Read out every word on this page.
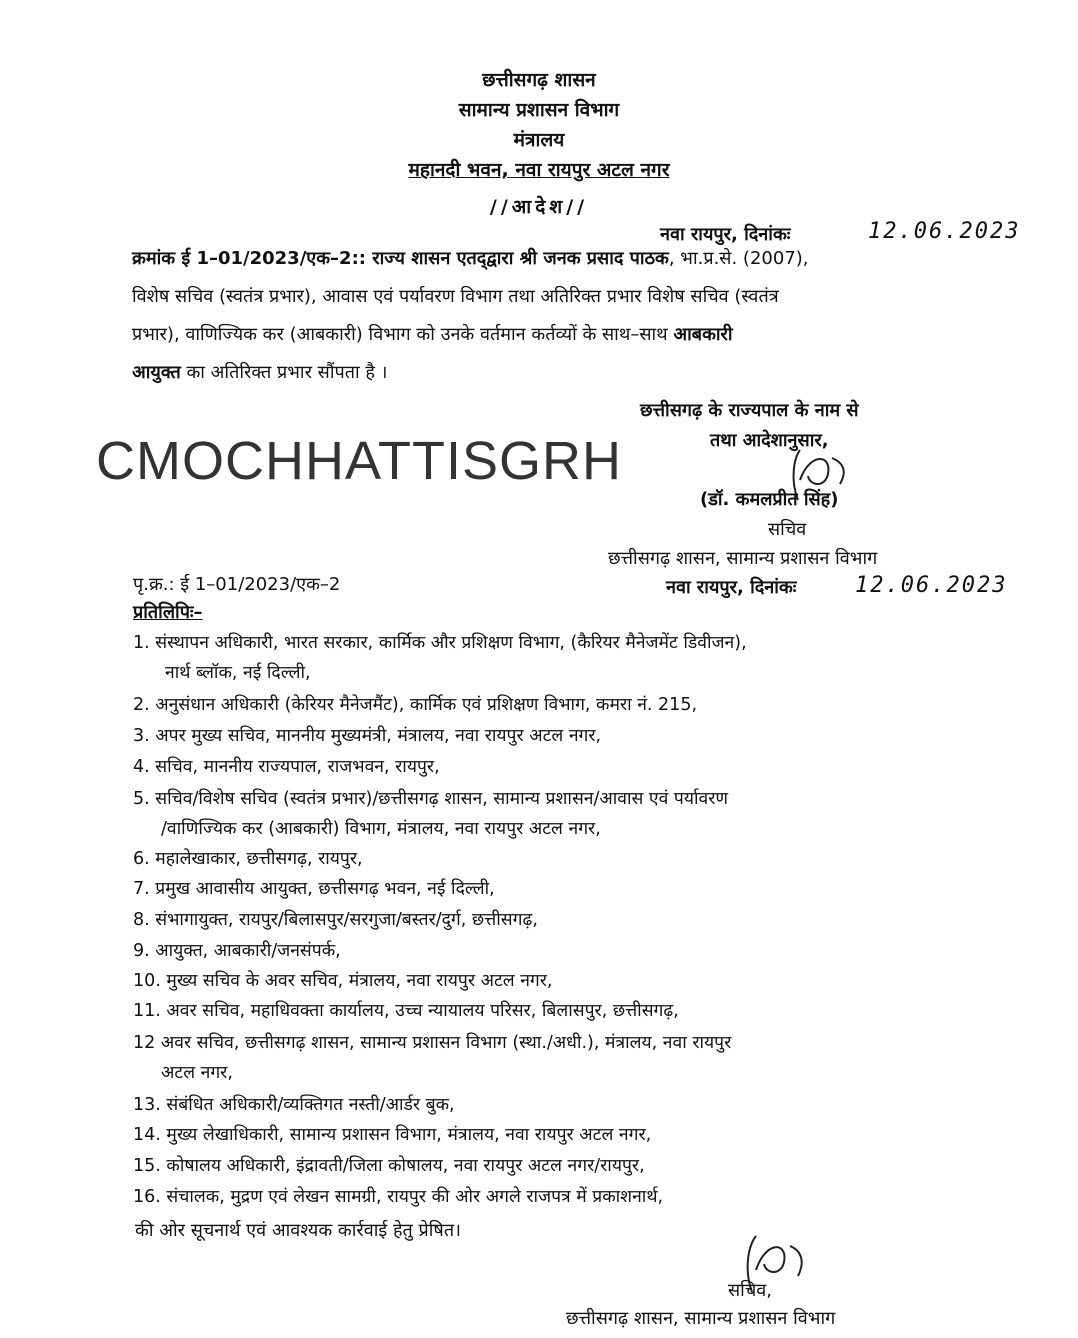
छत्तीसगढ़ शासन
सामान्य प्रशासन विभाग
मंत्रालय
महानदी भवन, नवा रायपुर अटल नगर
//आदेश//
नवा रायपुर, दिनांकः	12.06.2023
क्रमांक ई 1–01/2023/एक–2:: राज्य शासन एतद्‌द्वारा श्री जनक प्रसाद पाठक, भा.प्र.से. (2007),
विशेष सचिव (स्वतंत्र प्रभार), आवास एवं पर्यावरण विभाग तथा अतिरिक्त प्रभार विशेष सचिव (स्वतंत्र
प्रभार), वाणिज्यिक कर (आबकारी) विभाग को उनके वर्तमान कर्तव्यों के साथ–साथ आबकारी
आयुक्त का अतिरिक्त प्रभार सौंपता है ।
छत्तीसगढ़ के राज्यपाल के नाम से
तथा आदेशानुसार,
CMOCHHATTISGRH
(डॉ. कमलप्रीत सिंह)
सचिव
छत्तीसगढ़ शासन, सामान्य प्रशासन विभाग
पृ.क्र.: ई 1–01/2023/एक–2	नवा रायपुर, दिनांकः	12.06.2023
प्रतिलिपिः–
1. संस्थापन अधिकारी, भारत सरकार, कार्मिक और प्रशिक्षण विभाग, (कैरियर मैनेजमेंट डिवीजन),
नार्थ ब्लॉक, नई दिल्ली,
2. अनुसंधान अधिकारी (केरियर मैनेजमैंट), कार्मिक एवं प्रशिक्षण विभाग, कमरा नं. 215,
3. अपर मुख्य सचिव, माननीय मुख्यमंत्री, मंत्रालय, नवा रायपुर अटल नगर,
4. सचिव, माननीय राज्यपाल, राजभवन, रायपुर,
5. सचिव/विशेष सचिव (स्वतंत्र प्रभार)/छत्तीसगढ़ शासन, सामान्य प्रशासन/आवास एवं पर्यावरण
/वाणिज्यिक कर (आबकारी) विभाग, मंत्रालय, नवा रायपुर अटल नगर,
6. महालेखाकार, छत्तीसगढ़, रायपुर,
7. प्रमुख आवासीय आयुक्त, छत्तीसगढ़ भवन, नई दिल्ली,
8. संभागायुक्त, रायपुर/बिलासपुर/सरगुजा/बस्तर/दुर्ग, छत्तीसगढ़,
9. आयुक्त, आबकारी/जनसंपर्क,
10. मुख्य सचिव के अवर सचिव, मंत्रालय, नवा रायपुर अटल नगर,
11. अवर सचिव, महाधिवक्ता कार्यालय, उच्च न्यायालय परिसर, बिलासपुर, छत्तीसगढ़,
12 अवर सचिव, छत्तीसगढ़ शासन, सामान्य प्रशासन विभाग (स्था./अधी.), मंत्रालय, नवा रायपुर
अटल नगर,
13. संबंधित अधिकारी/व्यक्तिगत नस्ती/आर्डर बुक,
14. मुख्य लेखाधिकारी, सामान्य प्रशासन विभाग, मंत्रालय, नवा रायपुर अटल नगर,
15. कोषालय अधिकारी, इंद्रावती/जिला कोषालय, नवा रायपुर अटल नगर/रायपुर,
16. संचालक, मुद्रण एवं लेखन सामग्री, रायपुर की ओर अगले राजपत्र में प्रकाशनार्थ,
की ओर सूचनार्थ एवं आवश्यक कार्रवाई हेतु प्रेषित।
सचिव,
छत्तीसगढ़ शासन, सामान्य प्रशासन विभाग
